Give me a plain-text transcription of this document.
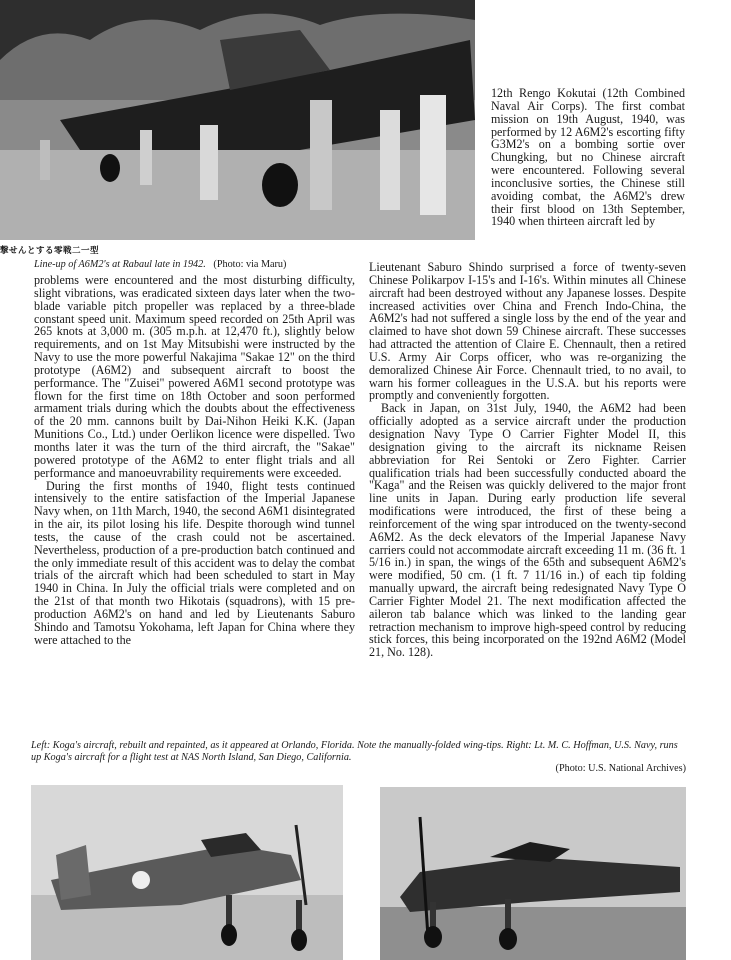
撃せんとする零戦二一型
Line-up of A6M2's at Rabaul late in 1942. (Photo: via Maru)

12th Rengo Kokutai (12th Combined Naval Air Corps). The first combat mission on 19th August, 1940, was performed by 12 A6M2's escorting fifty G3M2's on a bombing sortie over Chungking, but no Chinese aircraft were encountered. Following several inconclusive sorties, the Chinese still avoiding combat, the A6M2's drew their first blood on 13th September, 1940 when thirteen aircraft led by

problems were encountered and the most disturbing difficulty, slight vibrations, was eradicated sixteen days later when the two-blade variable pitch propeller was replaced by a three-blade constant speed unit. Maximum speed recorded on 25th April was 265 knots at 3,000 m. (305 m.p.h. at 12,470 ft.), slightly below requirements, and on 1st May Mitsubishi were instructed by the Navy to use the more powerful Nakajima "Sakae 12" on the third prototype (A6M2) and subsequent aircraft to boost the performance. The "Zuisei" powered A6M1 second prototype was flown for the first time on 18th October and soon performed armament trials during which the doubts about the effectiveness of the 20 mm. cannons built by Dai-Nihon Heiki K.K. (Japan Munitions Co., Ltd.) under Oerlikon licence were dispelled. Two months later it was the turn of the third aircraft, the "Sakae" powered prototype of the A6M2 to enter flight trials and all performance and manoeuvrability requirements were exceeded.

During the first months of 1940, flight tests continued intensively to the entire satisfaction of the Imperial Japanese Navy when, on 11th March, 1940, the second A6M1 disintegrated in the air, its pilot losing his life. Despite thorough wind tunnel tests, the cause of the crash could not be ascertained. Nevertheless, production of a pre-production batch continued and the only immediate result of this accident was to delay the combat trials of the aircraft which had been scheduled to start in May 1940 in China. In July the official trials were completed and on the 21st of that month two Hikotais (squadrons), with 15 pre-production A6M2's on hand and led by Lieutenants Saburo Shindo and Tamotsu Yokohama, left Japan for China where they were attached to the

Lieutenant Saburo Shindo surprised a force of twenty-seven Chinese Polikarpov I-15's and I-16's. Within minutes all Chinese aircraft had been destroyed without any Japanese losses. Despite increased activities over China and French Indo-China, the A6M2's had not suffered a single loss by the end of the year and claimed to have shot down 59 Chinese aircraft. These successes had attracted the attention of Claire E. Chennault, then a retired U.S. Army Air Corps officer, who was re-organizing the demoralized Chinese Air Force. Chennault tried, to no avail, to warn his former colleagues in the U.S.A. but his reports were promptly and conveniently forgotten.

Back in Japan, on 31st July, 1940, the A6M2 had been officially adopted as a service aircraft under the production designation Navy Type O Carrier Fighter Model II, this designation giving to the aircraft its nickname Reisen abbreviation for Rei Sentoki or Zero Fighter. Carrier qualification trials had been successfully conducted aboard the "Kaga" and the Reisen was quickly delivered to the major front line units in Japan. During early production life several modifications were introduced, the first of these being a reinforcement of the wing spar introduced on the twenty-second A6M2. As the deck elevators of the Imperial Japanese Navy carriers could not accommodate aircraft exceeding 11 m. (36 ft. 1 5/16 in.) in span, the wings of the 65th and subsequent A6M2's were modified, 50 cm. (1 ft. 7 11/16 in.) of each tip folding manually upward, the aircraft being redesignated Navy Type O Carrier Fighter Model 21. The next modification affected the aileron tab balance which was linked to the landing gear retraction mechanism to improve high-speed control by reducing stick forces, this being incorporated on the 192nd A6M2 (Model 21, No. 128).

Left: Koga's aircraft, rebuilt and repainted, as it appeared at Orlando, Florida. Note the manually-folded wing-tips. Right: Lt. M. C. Hoffman, U.S. Navy, runs up Koga's aircraft for a flight test at NAS North Island, San Diego, California.
(Photo: U.S. National Archives)
